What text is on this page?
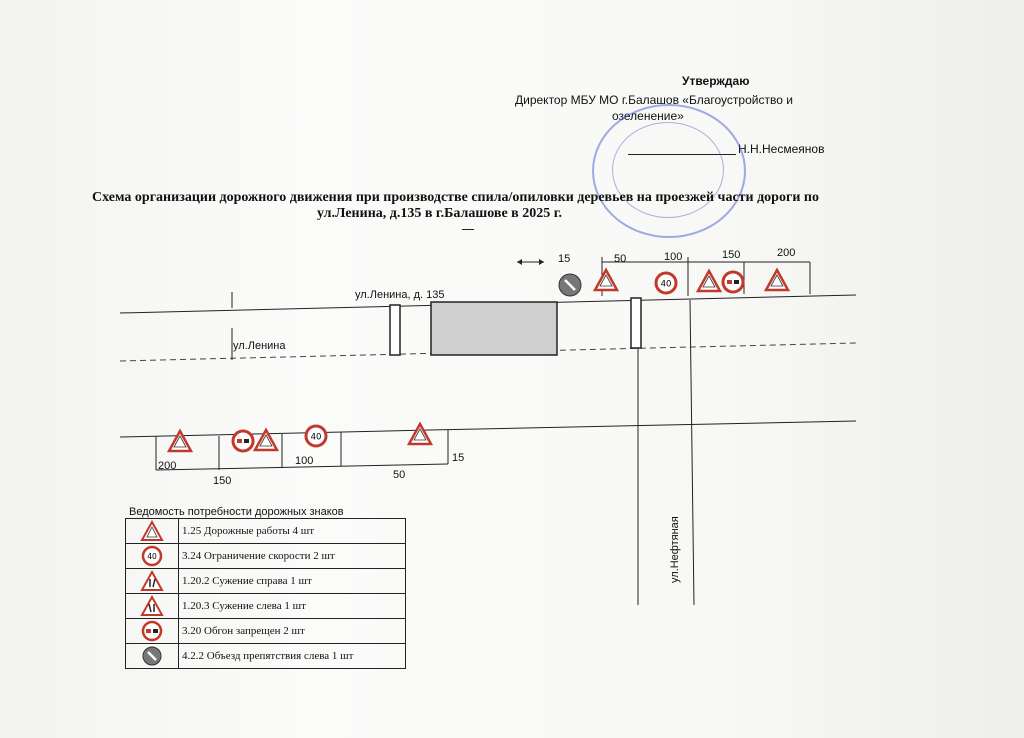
Утверждаю
Директор МБУ МО г.Балашов «Благоустройство и
озеленение»
Н.Н.Несмеянов
Схема организации дорожного движения при производстве спила/опиловки деревьев на проезжей части дороги по
ул.Ленина, д.135 в г.Балашове в 2025 г.
40
40
ул.Ленина, д. 135
ул.Ленина
15	50	100	150	200
200
150
100
50
15
ул.Нефтяная
Ведомость потребности дорожных знаков
	1.25 Дорожные работы 4 шт

40	3.24 Ограничение скорости 2 шт

	1.20.2 Сужение справа 1 шт

	1.20.3 Сужение слева 1 шт

	3.20 Обгон запрещен 2 шт

	4.2.2 Объезд препятствия слева 1 шт
